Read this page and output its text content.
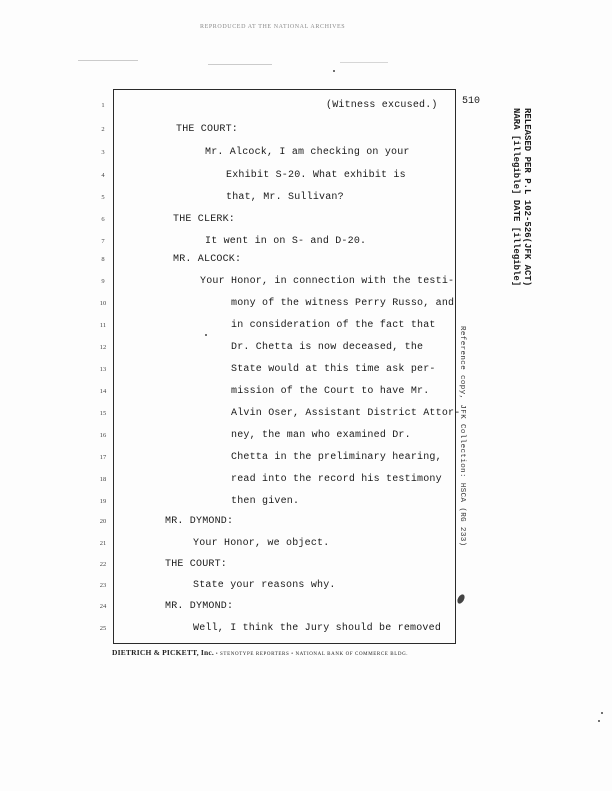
REPRODUCED AT THE NATIONAL ARCHIVES
510
1
2
3
4
5
6
7
8
9
10
11
12
13
14
15
16
17
18
19
20
21
22
23
24
25
(Witness excused.)
THE COURT:
Mr. Alcock, I am checking on your
Exhibit S-20. What exhibit is
that, Mr. Sullivan?
THE CLERK:
It went in on S- and D-20.
MR. ALCOCK:
Your Honor, in connection with the testi-
mony of the witness Perry Russo, and
in consideration of the fact that
Dr. Chetta is now deceased, the
State would at this time ask per-
mission of the Court to have Mr.
Alvin Oser, Assistant District Attor-
ney, the man who examined Dr.
Chetta in the preliminary hearing,
read into the record his testimony
then given.
MR. DYMOND:
Your Honor, we object.
THE COURT:
State your reasons why.
MR. DYMOND:
Well, I think the Jury should be removed
DIETRICH & PICKETT, Inc. • STENOTYPE REPORTERS • NATIONAL BANK OF COMMERCE BLDG.
RELEASED PER P.L 102-526(JFK ACT)
NARA [illegible] DATE [illegible]
Reference copy, JFK Collection: HSCA (RG 233)
